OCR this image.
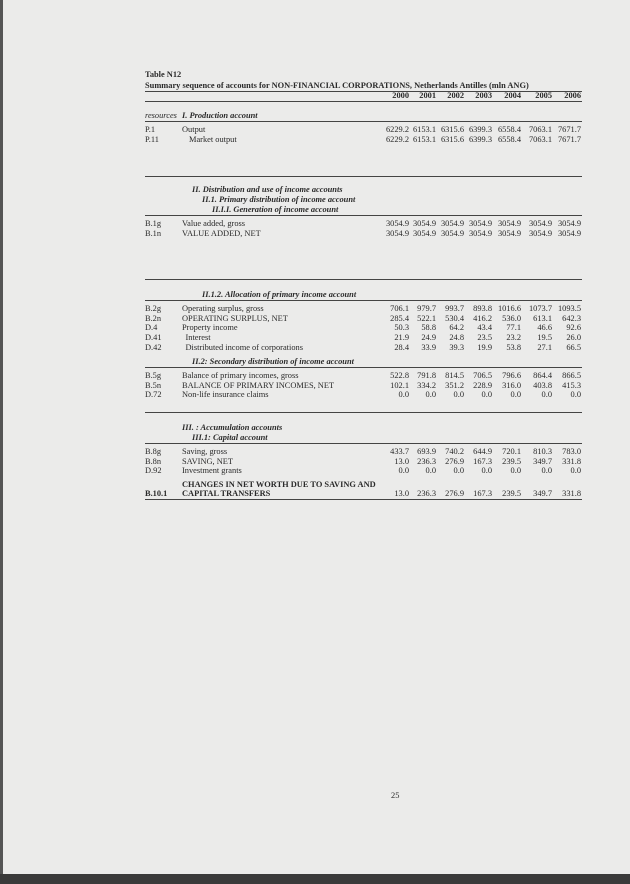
Table N12
Summary sequence of accounts for NON-FINANCIAL CORPORATIONS, Netherlands Antilles (mln ANG)
2000	2001	2002	2003	2004	2005	2006
resources I. Production account
P.1	Output	6229.2 6153.1 6315.6 6399.3 6558.4 7063.1 7671.7
P.11	Market output	6229.2 6153.1 6315.6 6399.3 6558.4 7063.1 7671.7
II. Distribution and use of income accounts
II.1. Primary distribution of income account
II.I.I. Generation of income account
B.1g Value added, gross	3054.9 3054.9 3054.9 3054.9 3054.9 3054.9 3054.9
B.1n VALUE ADDED, NET	3054.9 3054.9 3054.9 3054.9 3054.9 3054.9 3054.9
II.1.2. Allocation of primary income account
B.2g Operating surplus, gross	706.1 979.7	993.7	893.8 1016.6 1073.7 1093.5
B.2n OPERATING SURPLUS, NET	285.4 522.1	530.4	416.2	536.0	613.1	642.3
D.4	Property income	50.3	58.8	64.2	43.4	77.1	46.6	92.6
D.41	Interest	21.9	24.9	24.8	23.5	23.2	19.5	26.0
D.42	Distributed income of corporations	28.4	33.9	39.3	19.9	53.8	27.1	66.5
II.2: Secondary distribution of income account
B.5g Balance of primary incomes, gross	522.8 791.8	814.5	706.5	796.6	864.4	866.5
B.5n BALANCE OF PRIMARY INCOMES, NET	102.1 334.2	351.2	228.9	316.0	403.8	415.3
D.72 Non-life insurance claims	0.0	0.0	0.0	0.0	0.0	0.0	0.0
III. : Accumulation accounts
III.1: Capital account
B.8g Saving, gross	433.7 693.9	740.2	644.9	720.1	810.3	783.0
B.8n SAVING, NET	13.0 236.3	276.9	167.3	239.5	349.7	331.8
D.92 Investment grants	0.0	0.0	0.0	0.0	0.0	0.0	0.0
CHANGES IN NET WORTH DUE TO SAVING AND
B.10.1 CAPITAL TRANSFERS	13.0 236.3	276.9	167.3	239.5	349.7	331.8
25
